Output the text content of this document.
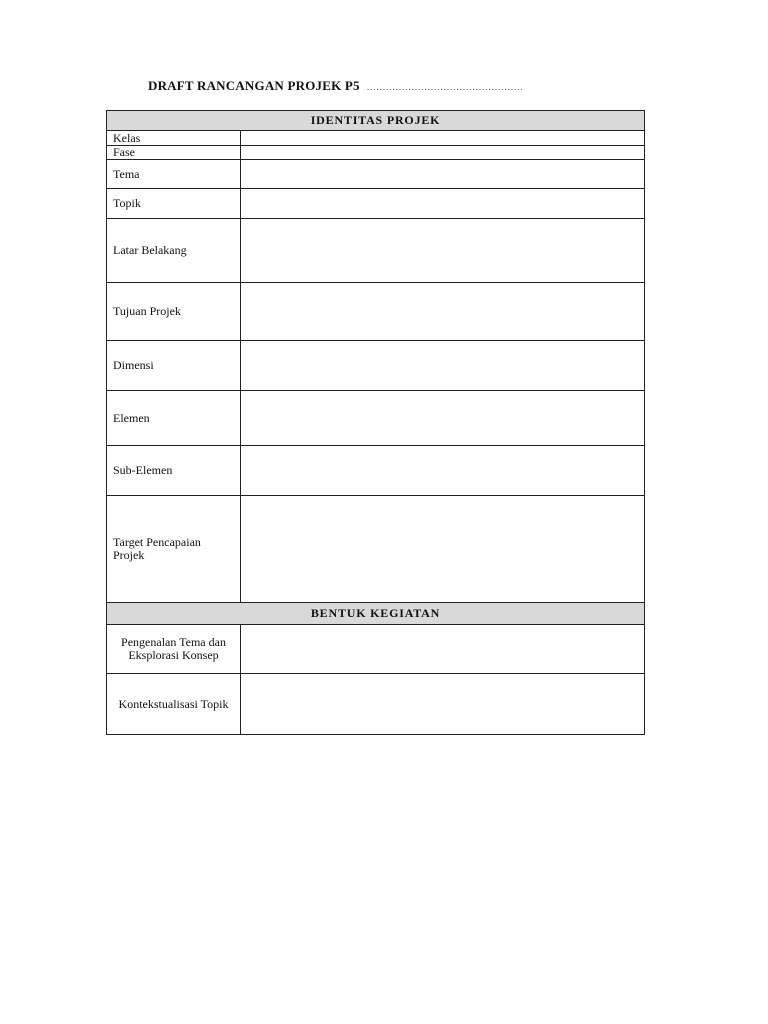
DRAFT RANCANGAN PROJEK P5 .................................................
IDENTITAS PROJEK	
Kelas	
Fase	
Tema	
Topik	
Latar Belakang	
Tujuan Projek	
Dimensi	
Elemen	
Sub-Elemen	
Target Pencapaian Projek	
BENTUK KEGIATAN	
Pengenalan Tema dan Eksplorasi Konsep	
Kontekstualisasi Topik	
